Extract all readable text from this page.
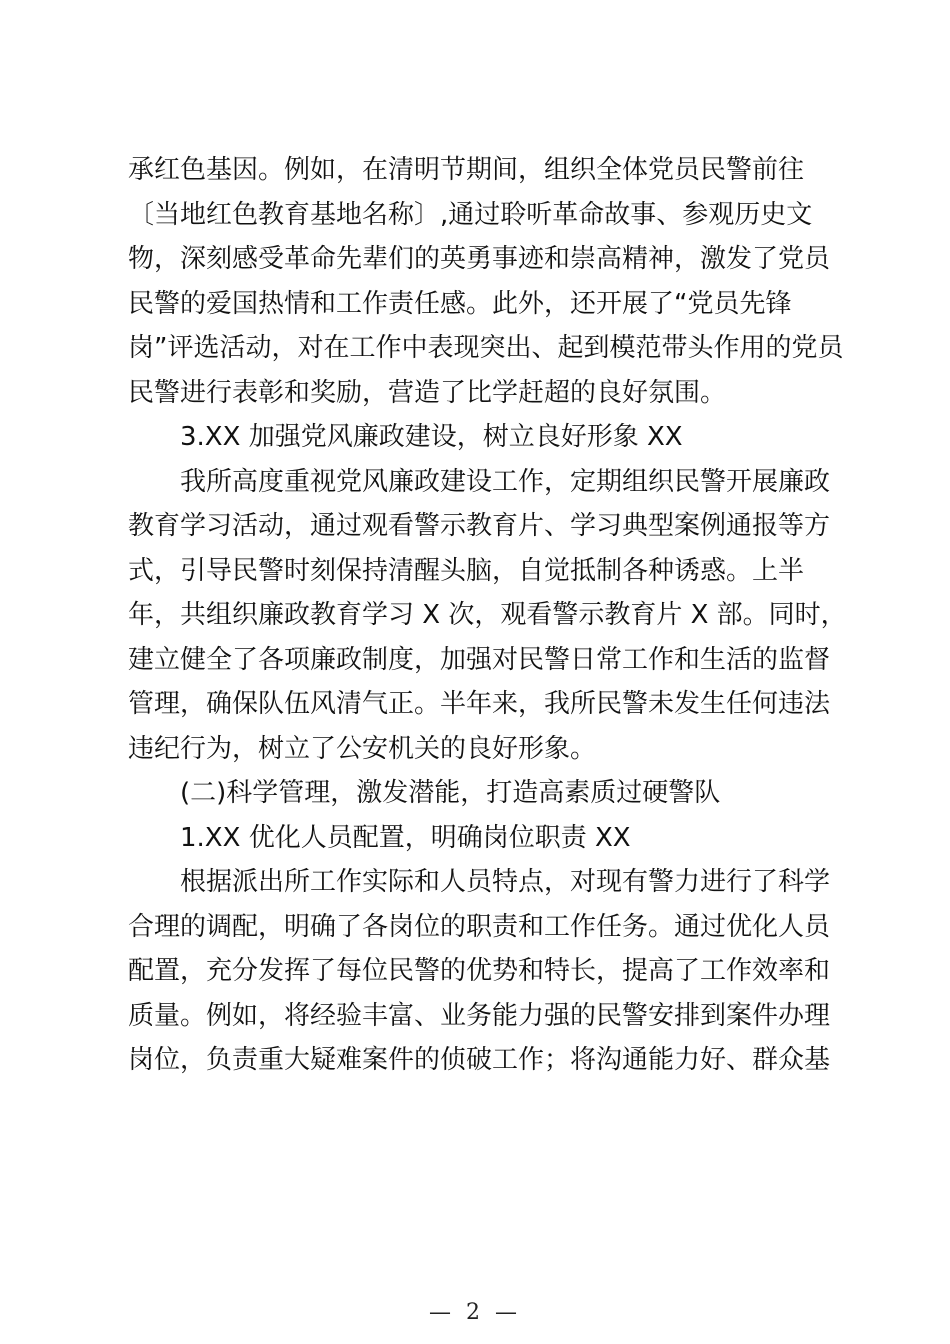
承红色基因。例如，在清明节期间，组织全体党员民警前往
〔当地红色教育基地名称〕,通过聆听革命故事、参观历史文
物，深刻感受革命先辈们的英勇事迹和崇高精神，激发了党员
民警的爱国热情和工作责任感。此外，还开展了“党员先锋
岗”评选活动，对在工作中表现突出、起到模范带头作用的党员
民警进行表彰和奖励，营造了比学赶超的良好氛围。
3.XX 加强党风廉政建设，树立良好形象 XX
我所高度重视党风廉政建设工作，定期组织民警开展廉政
教育学习活动，通过观看警示教育片、学习典型案例通报等方
式，引导民警时刻保持清醒头脑，自觉抵制各种诱惑。上半
年，共组织廉政教育学习 X 次，观看警示教育片 X 部。同时，
建立健全了各项廉政制度，加强对民警日常工作和生活的监督
管理，确保队伍风清气正。半年来，我所民警未发生任何违法
违纪行为，树立了公安机关的良好形象。
(二)科学管理，激发潜能，打造高素质过硬警队
1.XX 优化人员配置，明确岗位职责 XX
根据派出所工作实际和人员特点，对现有警力进行了科学
合理的调配，明确了各岗位的职责和工作任务。通过优化人员
配置，充分发挥了每位民警的优势和特长，提高了工作效率和
质量。例如，将经验丰富、业务能力强的民警安排到案件办理
岗位，负责重大疑难案件的侦破工作；将沟通能力好、群众基
— 2 —
